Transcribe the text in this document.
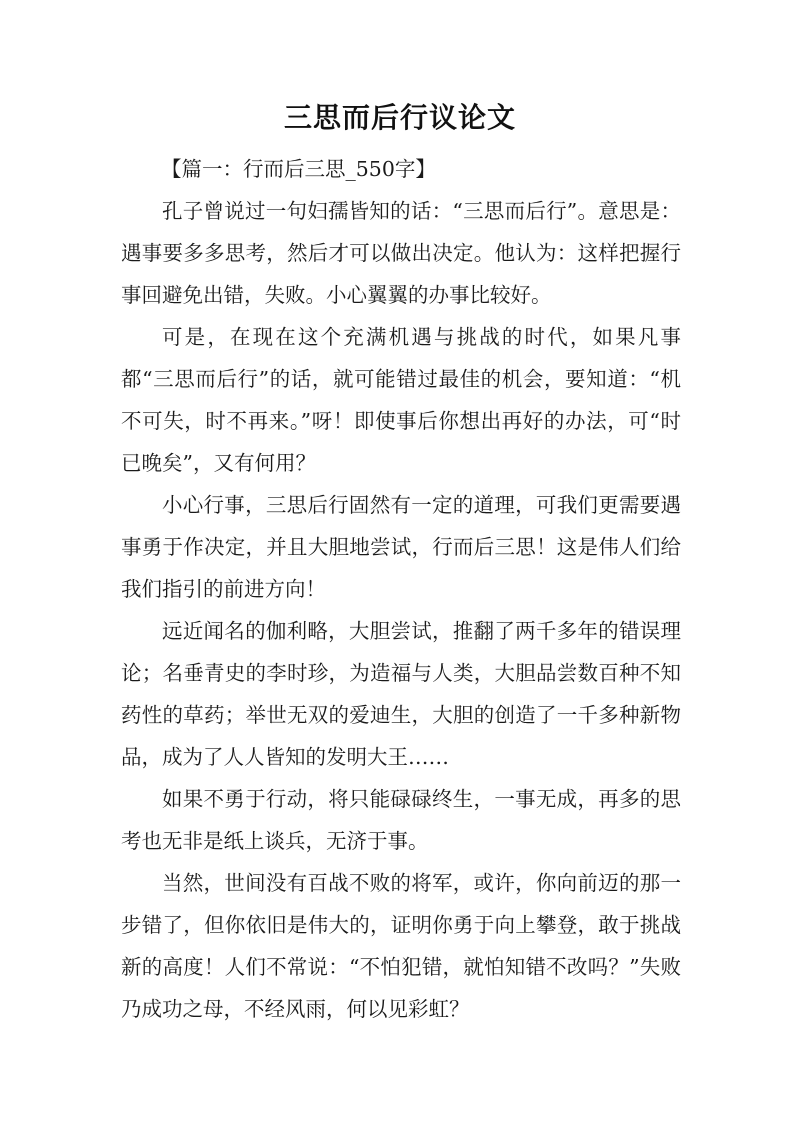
三思而后行议论文

【篇一：行而后三思_550字】

孔子曾说过一句妇孺皆知的话：“三思而后行”。意思是：遇事要多多思考，然后才可以做出决定。他认为：这样把握行事回避免出错，失败。小心翼翼的办事比较好。

可是，在现在这个充满机遇与挑战的时代，如果凡事都“三思而后行”的话，就可能错过最佳的机会，要知道：“机不可失，时不再来。”呀！即使事后你想出再好的办法，可“时已晚矣”，又有何用？

小心行事，三思后行固然有一定的道理，可我们更需要遇事勇于作决定，并且大胆地尝试，行而后三思！这是伟人们给我们指引的前进方向！

远近闻名的伽利略，大胆尝试，推翻了两千多年的错误理论；名垂青史的李时珍，为造福与人类，大胆品尝数百种不知药性的草药；举世无双的爱迪生，大胆的创造了一千多种新物品，成为了人人皆知的发明大王……

如果不勇于行动，将只能碌碌终生，一事无成，再多的思考也无非是纸上谈兵，无济于事。

当然，世间没有百战不败的将军，或许，你向前迈的那一步错了，但你依旧是伟大的，证明你勇于向上攀登，敢于挑战新的高度！人们不常说：“不怕犯错，就怕知错不改吗？”失败乃成功之母，不经风雨，何以见彩虹？
